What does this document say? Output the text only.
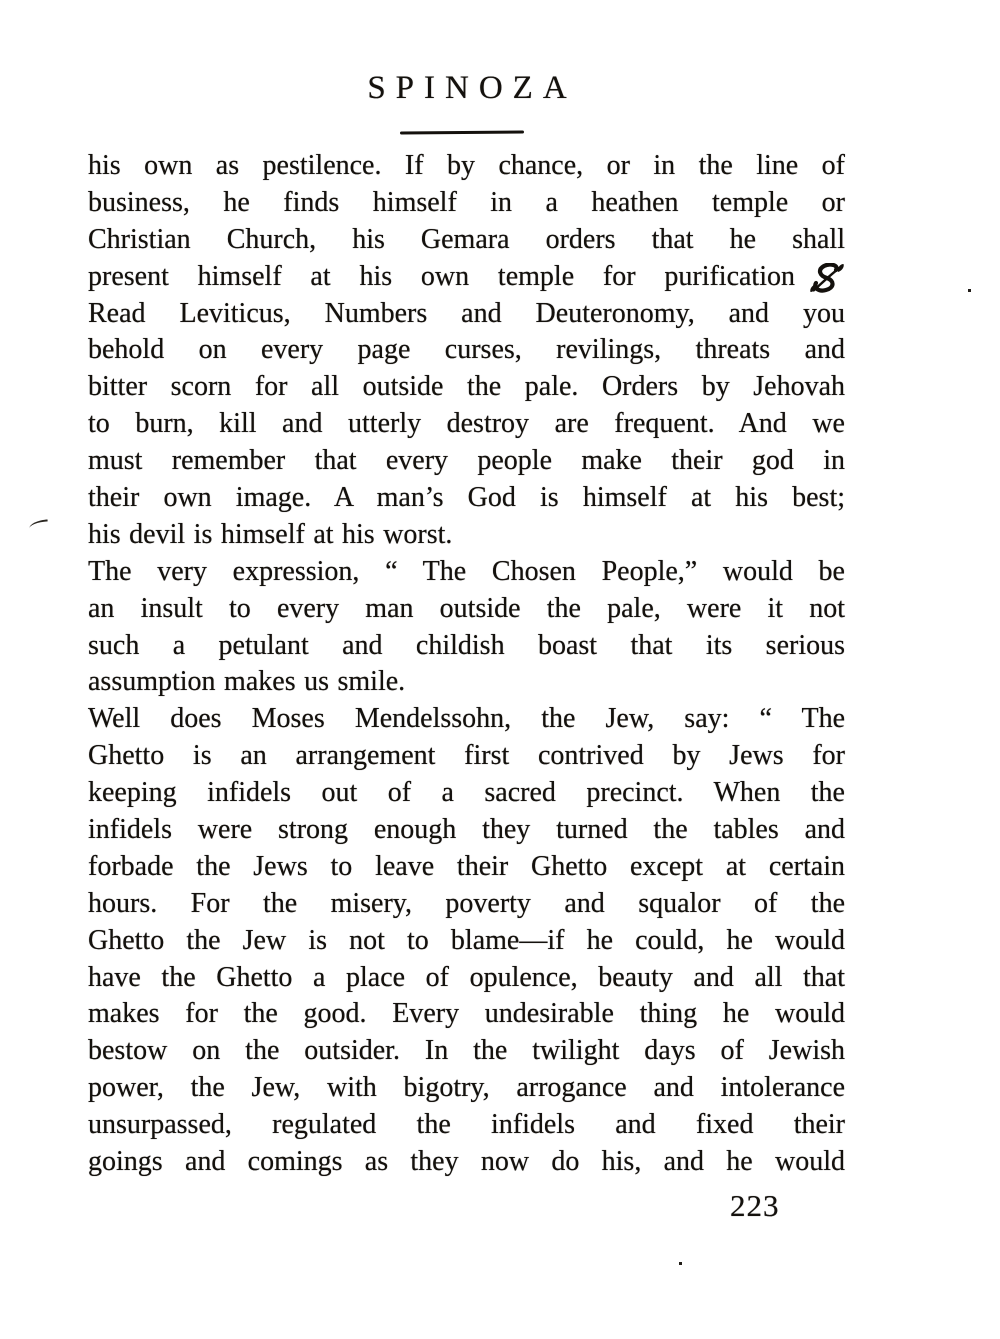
SPINOZA
his own as pestilence. If by chance, or in the line of
business, he finds himself in a heathen temple or
Christian Church, his Gemara orders that he shall
present himself at his own temple for purification
Read Leviticus, Numbers and Deuteronomy, and you
behold on every page curses, revilings, threats and
bitter scorn for all outside the pale. Orders by Jehovah
to burn, kill and utterly destroy are frequent. And we
must remember that every people make their god in
their own image. A man’s God is himself at his best;
his devil is himself at his worst.
The very expression, “ The Chosen People,” would be
an insult to every man outside the pale, were it not
such a petulant and childish boast that its serious
assumption makes us smile.
Well does Moses Mendelssohn, the Jew, say: “ The
Ghetto is an arrangement first contrived by Jews for
keeping infidels out of a sacred precinct. When the
infidels were strong enough they turned the tables and
forbade the Jews to leave their Ghetto except at certain
hours. For the misery, poverty and squalor of the
Ghetto the Jew is not to blame—if he could, he would
have the Ghetto a place of opulence, beauty and all that
makes for the good. Every undesirable thing he would
bestow on the outsider. In the twilight days of Jewish
power, the Jew, with bigotry, arrogance and intolerance
unsurpassed, regulated the infidels and fixed their
goings and comings as they now do his, and he would
223
